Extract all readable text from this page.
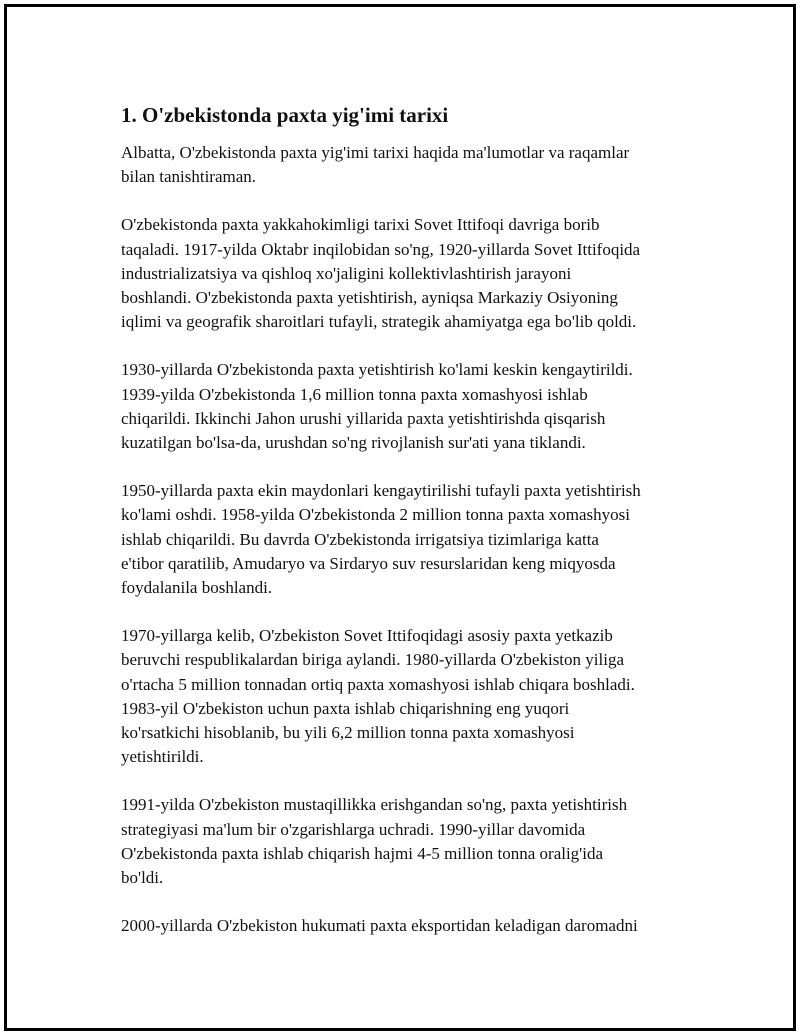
1. O'zbekistonda paxta yig'imi tarixi

Albatta, O'zbekistonda paxta yig'imi tarixi haqida ma'lumotlar va raqamlar
bilan tanishtiraman.

O'zbekistonda paxta yakkahokimligi tarixi Sovet Ittifoqi davriga borib
taqaladi. 1917-yilda Oktabr inqilobidan so'ng, 1920-yillarda Sovet Ittifoqida
industrializatsiya va qishloq xo'jaligini kollektivlashtirish jarayoni
boshlandi. O'zbekistonda paxta yetishtirish, ayniqsa Markaziy Osiyoning
iqlimi va geografik sharoitlari tufayli, strategik ahamiyatga ega bo'lib qoldi.

1930-yillarda O'zbekistonda paxta yetishtirish ko'lami keskin kengaytirildi.
1939-yilda O'zbekistonda 1,6 million tonna paxta xomashyosi ishlab
chiqarildi. Ikkinchi Jahon urushi yillarida paxta yetishtirishda qisqarish
kuzatilgan bo'lsa-da, urushdan so'ng rivojlanish sur'ati yana tiklandi.

1950-yillarda paxta ekin maydonlari kengaytirilishi tufayli paxta yetishtirish
ko'lami oshdi. 1958-yilda O'zbekistonda 2 million tonna paxta xomashyosi
ishlab chiqarildi. Bu davrda O'zbekistonda irrigatsiya tizimlariga katta
e'tibor qaratilib, Amudaryo va Sirdaryo suv resurslaridan keng miqyosda
foydalanila boshlandi.

1970-yillarga kelib, O'zbekiston Sovet Ittifoqidagi asosiy paxta yetkazib
beruvchi respublikalardan biriga aylandi. 1980-yillarda O'zbekiston yiliga
o'rtacha 5 million tonnadan ortiq paxta xomashyosi ishlab chiqara boshladi.
1983-yil O'zbekiston uchun paxta ishlab chiqarishning eng yuqori
ko'rsatkichi hisoblanib, bu yili 6,2 million tonna paxta xomashyosi
yetishtirildi.

1991-yilda O'zbekiston mustaqillikka erishgandan so'ng, paxta yetishtirish
strategiyasi ma'lum bir o'zgarishlarga uchradi. 1990-yillar davomida
O'zbekistonda paxta ishlab chiqarish hajmi 4-5 million tonna oralig'ida
bo'ldi.

2000-yillarda O'zbekiston hukumati paxta eksportidan keladigan daromadni
